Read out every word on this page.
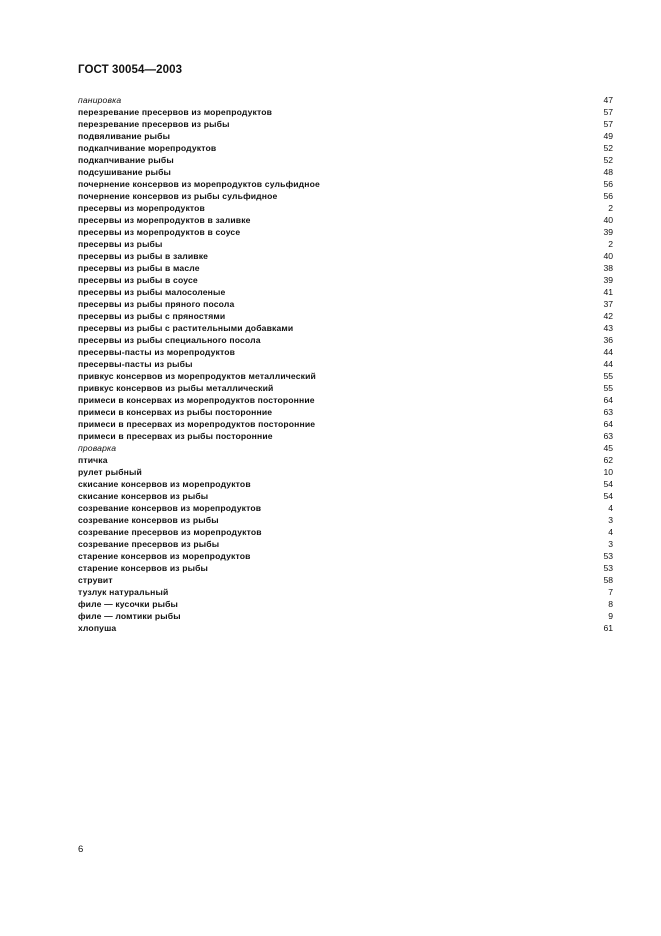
ГОСТ 30054—2003
панировка	47
перезревание пресервов из морепродуктов	57
перезревание пресервов из рыбы	57
подвяливание рыбы	49
подкапчивание морепродуктов	52
подкапчивание рыбы	52
подсушивание рыбы	48
почернение консервов из морепродуктов сульфидное	56
почернение консервов из рыбы сульфидное	56
пресервы из морепродуктов	2
пресервы из морепродуктов в заливке	40
пресервы из морепродуктов в соусе	39
пресервы из рыбы	2
пресервы из рыбы в заливке	40
пресервы из рыбы в масле	38
пресервы из рыбы в соусе	39
пресервы из рыбы малосоленые	41
пресервы из рыбы пряного посола	37
пресервы из рыбы с пряностями	42
пресервы из рыбы с растительными добавками	43
пресервы из рыбы специального посола	36
пресервы-пасты из морепродуктов	44
пресервы-пасты из рыбы	44
привкус консервов из морепродуктов металлический	55
привкус консервов из рыбы металлический	55
примеси в консервах из морепродуктов посторонние	64
примеси в консервах из рыбы посторонние	63
примеси в пресервах из морепродуктов посторонние	64
примеси в пресервах из рыбы посторонние	63
проварка	45
птичка	62
рулет рыбный	10
скисание консервов из морепродуктов	54
скисание консервов из рыбы	54
созревание консервов из морепродуктов	4
созревание консервов из рыбы	3
созревание пресервов из морепродуктов	4
созревание пресервов из рыбы	3
старение консервов из морепродуктов	53
старение консервов из рыбы	53
струвит	58
тузлук натуральный	7
филе — кусочки рыбы	8
филе — ломтики рыбы	9
хлопуша	61
6
